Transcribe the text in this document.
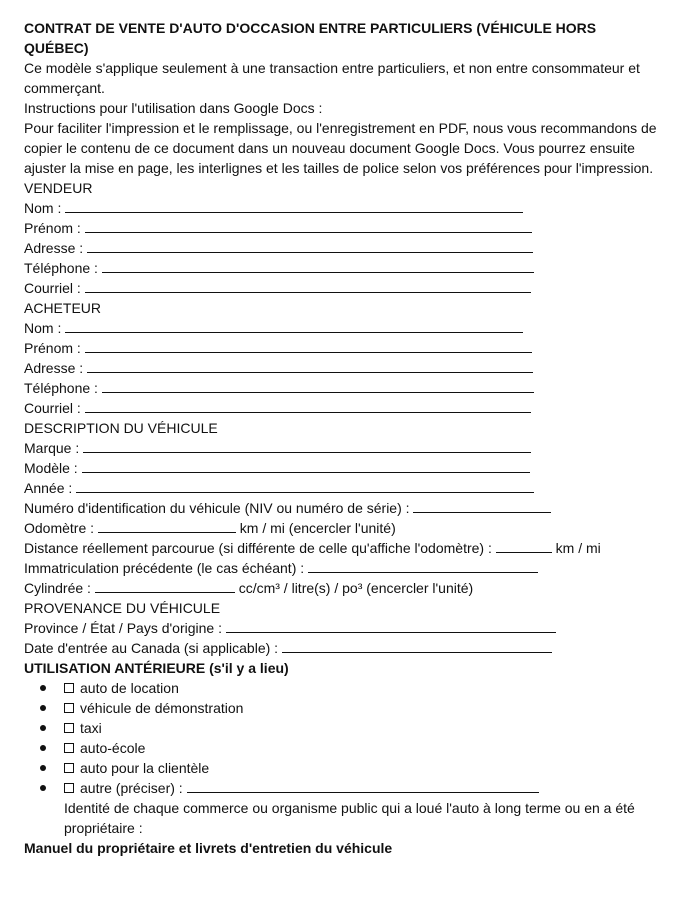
CONTRAT DE VENTE D'AUTO D'OCCASION ENTRE PARTICULIERS (VÉHICULE HORS QUÉBEC)
Ce modèle s'applique seulement à une transaction entre particuliers, et non entre consommateur et commerçant.
Instructions pour l'utilisation dans Google Docs :
Pour faciliter l'impression et le remplissage, ou l'enregistrement en PDF, nous vous recommandons de copier le contenu de ce document dans un nouveau document Google Docs. Vous pourrez ensuite ajuster la mise en page, les interlignes et les tailles de police selon vos préférences pour l'impression.
VENDEUR
Nom :
Prénom :
Adresse :
Téléphone :
Courriel :
ACHETEUR
Nom :
Prénom :
Adresse :
Téléphone :
Courriel :
DESCRIPTION DU VÉHICULE
Marque :
Modèle :
Année :
Numéro d'identification du véhicule (NIV ou numéro de série) :
Odomètre :	km / mi (encercler l'unité)
Distance réellement parcourue (si différente de celle qu'affiche l'odomètre) :	km / mi
Immatriculation précédente (le cas échéant) :
Cylindrée :	cc/cm³ / litre(s) / po³ (encercler l'unité)
PROVENANCE DU VÉHICULE
Province / État / Pays d'origine :
Date d'entrée au Canada (si applicable) :
UTILISATION ANTÉRIEURE (s'il y a lieu)
auto de location
véhicule de démonstration
taxi
auto-école
auto pour la clientèle
autre (préciser) :
Identité de chaque commerce ou organisme public qui a loué l'auto à long terme ou en a été propriétaire :
Manuel du propriétaire et livrets d'entretien du véhicule
